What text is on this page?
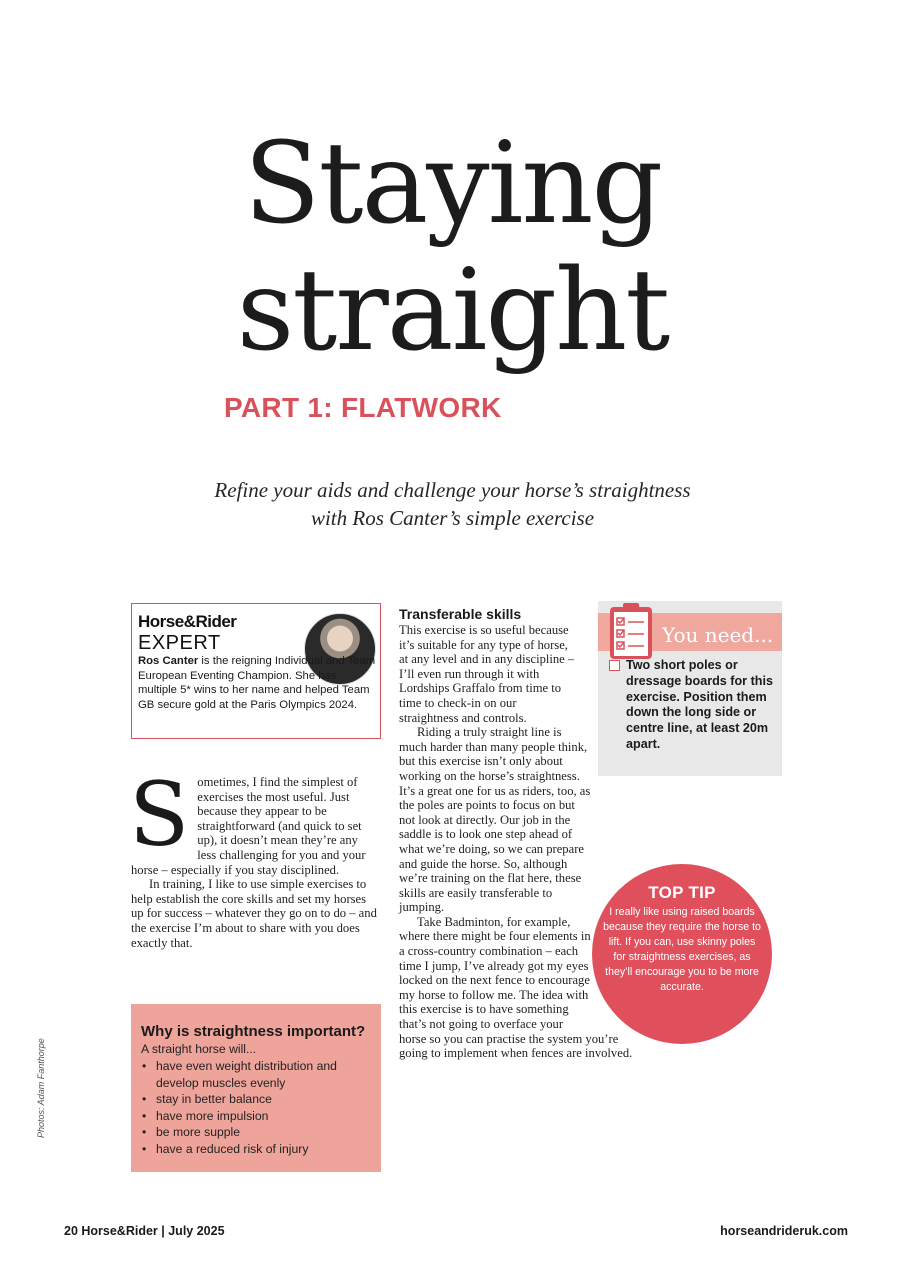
Staying
straight
PART 1: FLATWORK
Refine your aids and challenge your horse’s straightness
with Ros Canter’s simple exercise
Horse&Rider
EXPERT
Ros Canter is the reigning Individual and Team European Eventing Champion. She has multiple 5* wins to her name and helped Team GB secure gold at the Paris Olympics 2024.
S ometimes, I find the simplest of exercises the most useful. Just because they appear to be straightforward (and quick to set up), it doesn’t mean they’re any less challenging for you and your horse – especially if you stay disciplined.

In training, I like to use simple exercises to help establish the core skills and set my horses up for success – whatever they go on to do – and the exercise I’m about to share with you does exactly that.

Why is straightness important?
A straight horse will...
• have even weight distribution and develop muscles evenly
• stay in better balance
• have more impulsion
• be more supple
• have a reduced risk of injury

Transferable skills

This exercise is so useful because it’s suitable for any type of horse, at any level and in any discipline – I’ll even run through it with Lordships Graffalo from time to time to check-in on our straightness and controls.

Riding a truly straight line is much harder than many people think, but this exercise isn’t only about working on the horse’s straightness. It’s a great one for us as riders, too, as the poles are points to focus on but not look at directly. Our job in the saddle is to look one step ahead of what we’re doing, so we can prepare and guide the horse. So, although we’re training on the flat here, these skills are easily transferable to jumping.

Take Badminton, for example, where there might be four elements in a cross-country combination – each time I jump, I’ve already got my eyes locked on the next fence to encourage my horse to follow me. The idea with this exercise is to have something that’s not going to overface your horse so you can practise the system you’re going to implement when fences are involved.

You need...
Two short poles or dressage boards for this exercise. Position them down the long side or centre line, at least 20m apart.
TOP TIP
I really like using raised boards because they require the horse to lift. If you can, use skinny poles for straightness exercises, as they’ll encourage you to be more accurate.
Photos: Adam Fanthorpe
20 Horse&Rider | July 2025	horseandrideruk.com
